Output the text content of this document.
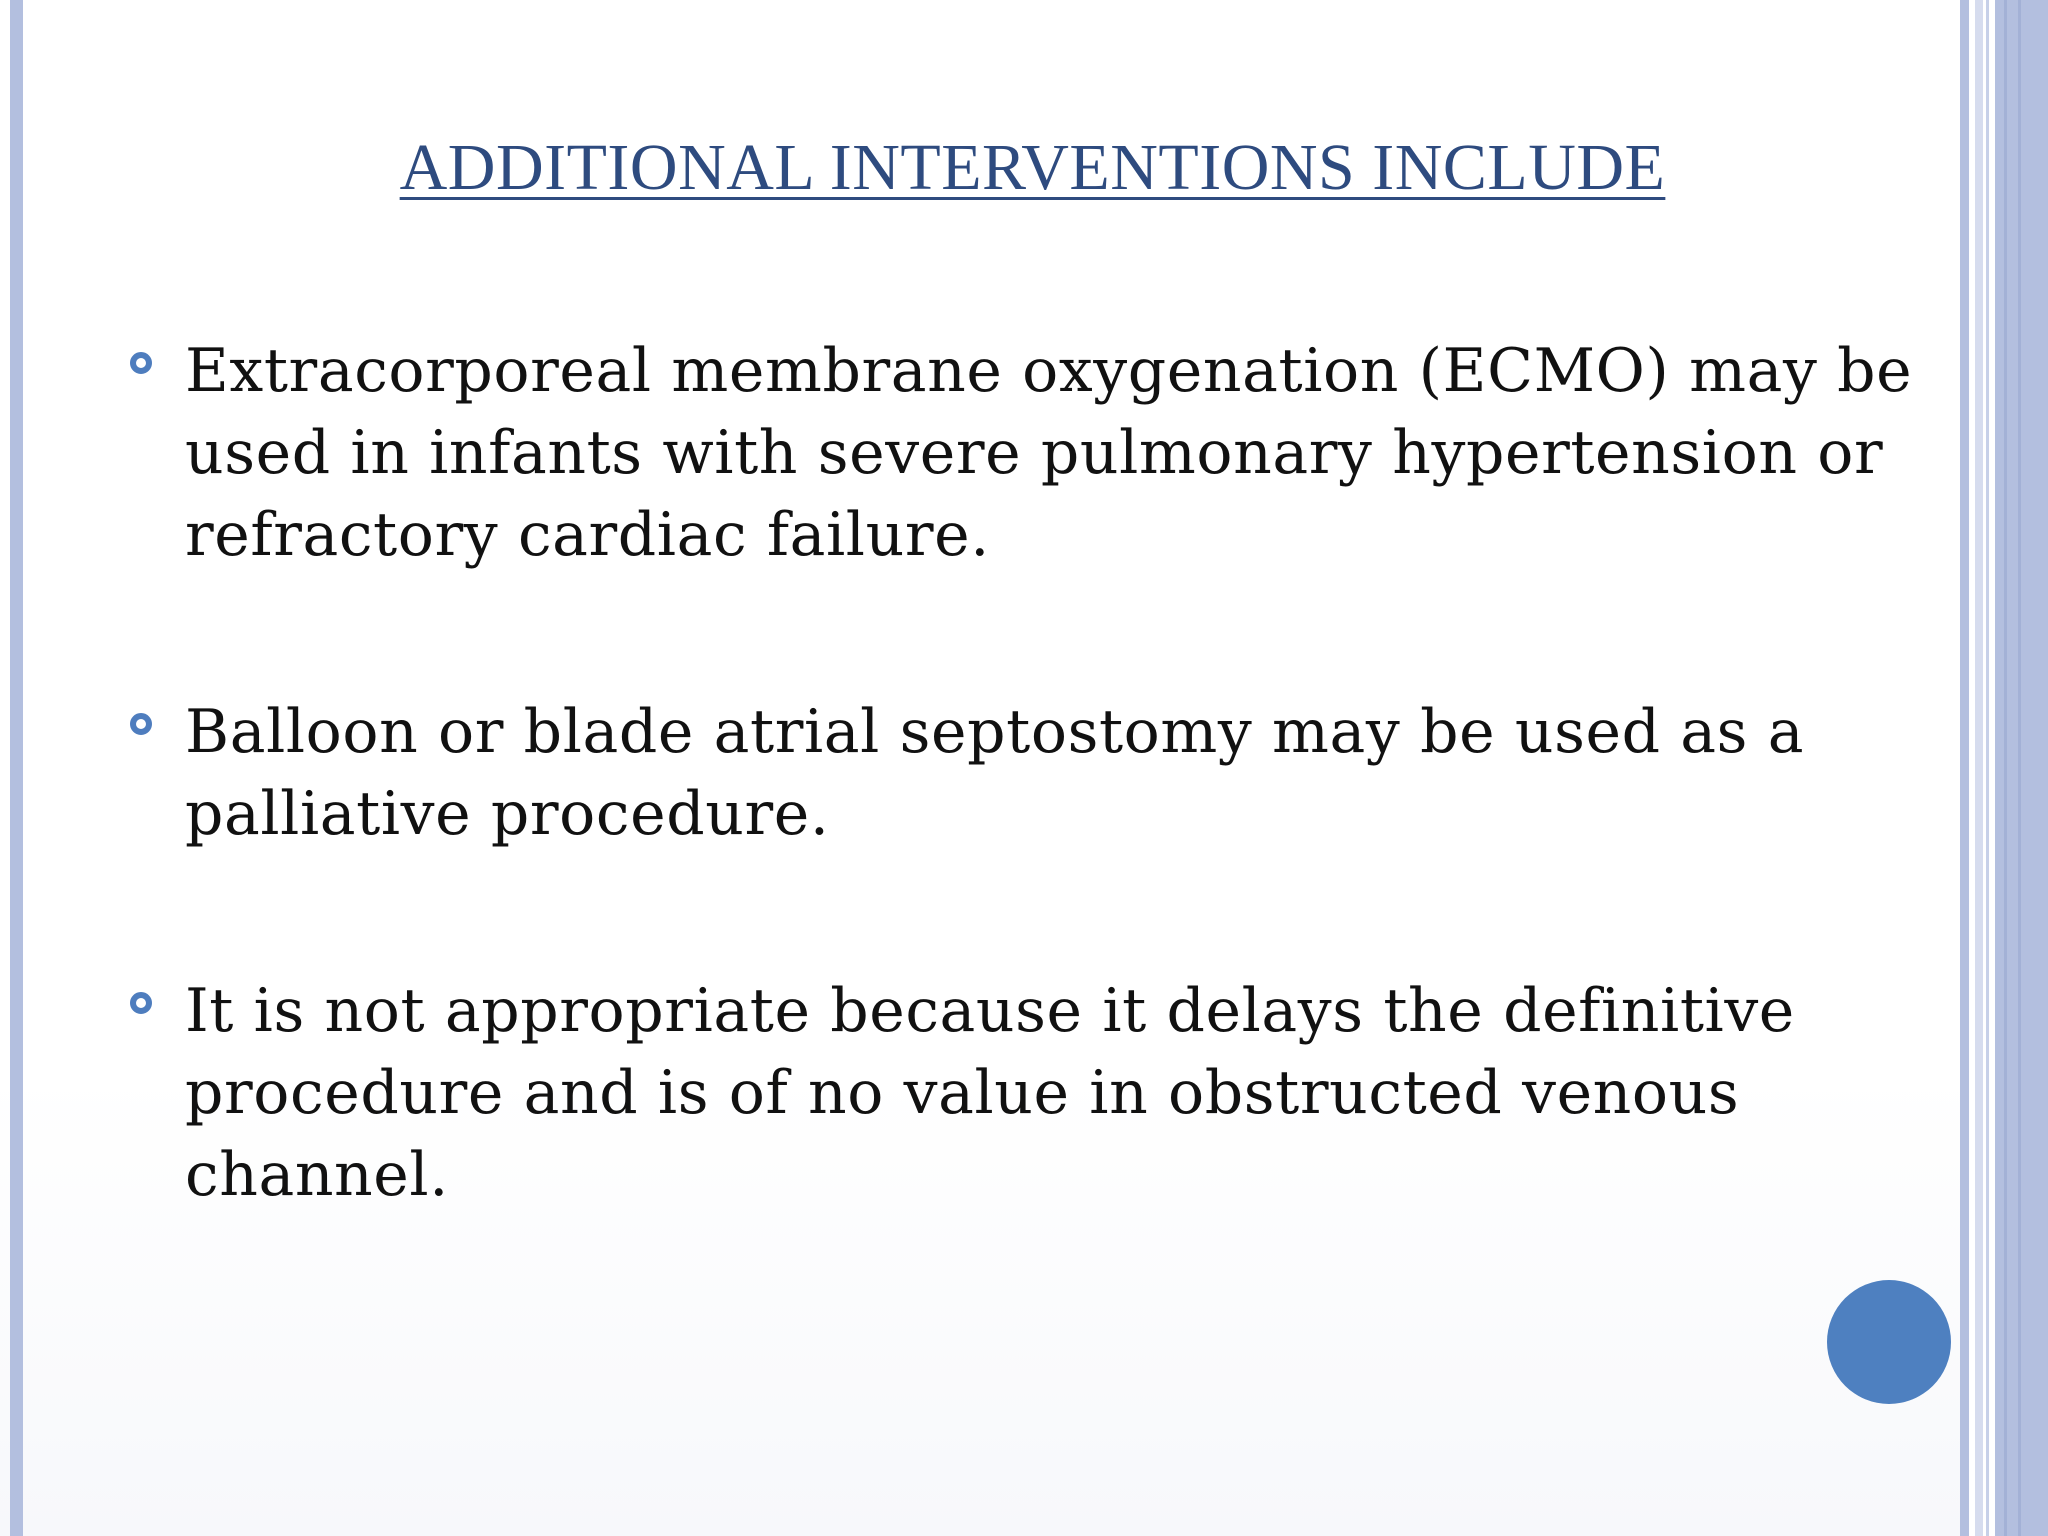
ADDITIONAL INTERVENTIONS INCLUDE
Extracorporeal membrane oxygenation (ECMO) may be used in infants with severe pulmonary hypertension or refractory cardiac failure.
Balloon or blade atrial septostomy may be used as a palliative procedure.
It is not appropriate because it delays the definitive procedure and is of no value in obstructed venous channel.
